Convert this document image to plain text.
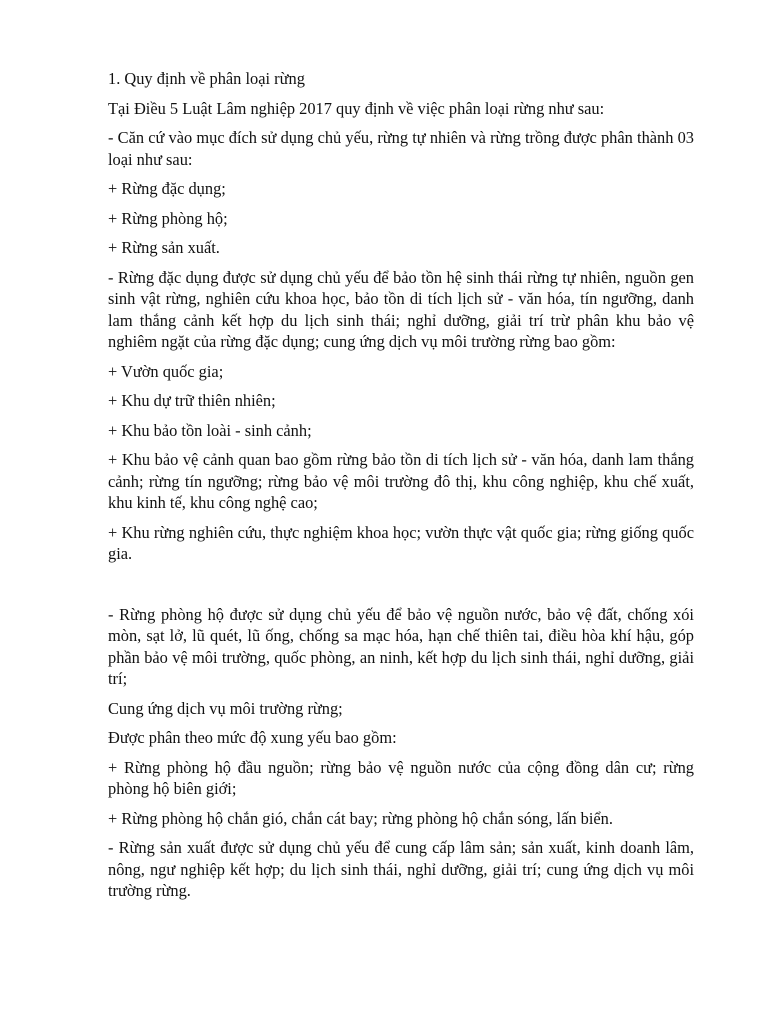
1. Quy định về phân loại rừng

Tại Điều 5 Luật Lâm nghiệp 2017 quy định về việc phân loại rừng như sau:

- Căn cứ vào mục đích sử dụng chủ yếu, rừng tự nhiên và rừng trồng được phân thành 03 loại như sau:

+ Rừng đặc dụng;

+ Rừng phòng hộ;

+ Rừng sản xuất.

- Rừng đặc dụng được sử dụng chủ yếu để bảo tồn hệ sinh thái rừng tự nhiên, nguồn gen sinh vật rừng, nghiên cứu khoa học, bảo tồn di tích lịch sử - văn hóa, tín ngưỡng, danh lam thắng cảnh kết hợp du lịch sinh thái; nghỉ dưỡng, giải trí trừ phân khu bảo vệ nghiêm ngặt của rừng đặc dụng; cung ứng dịch vụ môi trường rừng bao gồm:

+ Vườn quốc gia;

+ Khu dự trữ thiên nhiên;

+ Khu bảo tồn loài - sinh cảnh;

+ Khu bảo vệ cảnh quan bao gồm rừng bảo tồn di tích lịch sử - văn hóa, danh lam thắng cảnh; rừng tín ngưỡng; rừng bảo vệ môi trường đô thị, khu công nghiệp, khu chế xuất, khu kinh tế, khu công nghệ cao;

+ Khu rừng nghiên cứu, thực nghiệm khoa học; vườn thực vật quốc gia; rừng giống quốc gia.

- Rừng phòng hộ được sử dụng chủ yếu để bảo vệ nguồn nước, bảo vệ đất, chống xói mòn, sạt lở, lũ quét, lũ ống, chống sa mạc hóa, hạn chế thiên tai, điều hòa khí hậu, góp phần bảo vệ môi trường, quốc phòng, an ninh, kết hợp du lịch sinh thái, nghỉ dưỡng, giải trí;

Cung ứng dịch vụ môi trường rừng;

Được phân theo mức độ xung yếu bao gồm:

+ Rừng phòng hộ đầu nguồn; rừng bảo vệ nguồn nước của cộng đồng dân cư; rừng phòng hộ biên giới;

+ Rừng phòng hộ chắn gió, chắn cát bay; rừng phòng hộ chắn sóng, lấn biển.

- Rừng sản xuất được sử dụng chủ yếu để cung cấp lâm sản; sản xuất, kinh doanh lâm, nông, ngư nghiệp kết hợp; du lịch sinh thái, nghỉ dưỡng, giải trí; cung ứng dịch vụ môi trường rừng.
